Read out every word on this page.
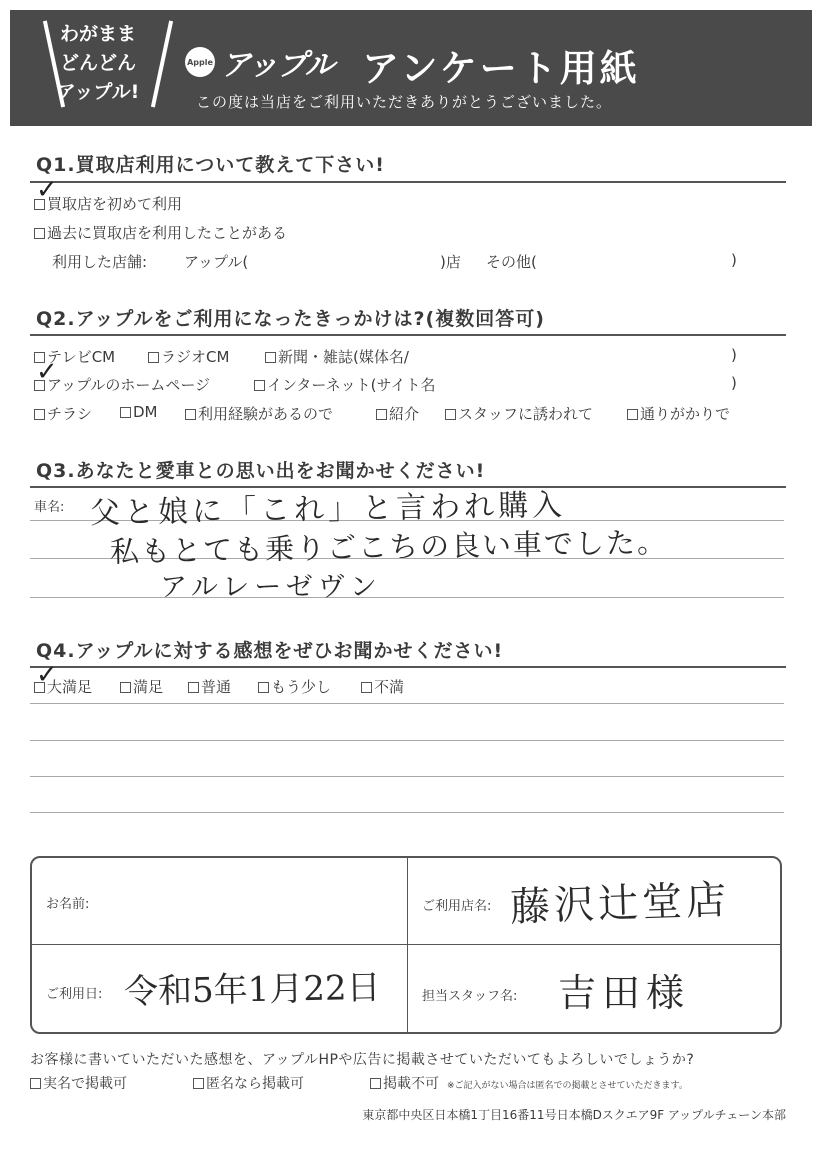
わがまま
どんどん
アップル!
Apple アップル アンケート用紙
この度は当店をご利用いただきありがとうございました。
Q1.買取店利用について教えて下さい!
買取店を初めて利用
✓
過去に買取店を利用したことがある
利用した店舗: アップル(	)店 その他(	)
Q2.アップルをご利用になったきっかけは?(複数回答可)
テレビCM	ラジオCM	新聞・雑誌(媒体名/	)
アップルのホームページ
✓	インターネット(サイト名	)
チラシ	DM	利用経験があるので	紹介	スタッフに誘われて	通りがかりで
Q3.あなたと愛車との思い出をお聞かせください!
車名: 父と娘に「これ」と言われ購入
私もとても乗りごこちの良い車でした。
アルレーゼヴン
Q4.アップルに対する感想をぜひお聞かせください!
大満足
✓	満足	普通	もう少し	不満
お名前:	ご利用店名: 藤沢辻堂店
ご利用日: 令和5年1月22日	担当スタッフ名: 吉田様
お客様に書いていただいた感想を、アップルHPや広告に掲載させていただいてもよろしいでしょうか?
実名で掲載可	匿名なら掲載可	掲載不可 ※ご記入がない場合は匿名での掲載とさせていただきます。
東京都中央区日本橋1丁目16番11号日本橋Dスクエア9F アップルチェーン本部
